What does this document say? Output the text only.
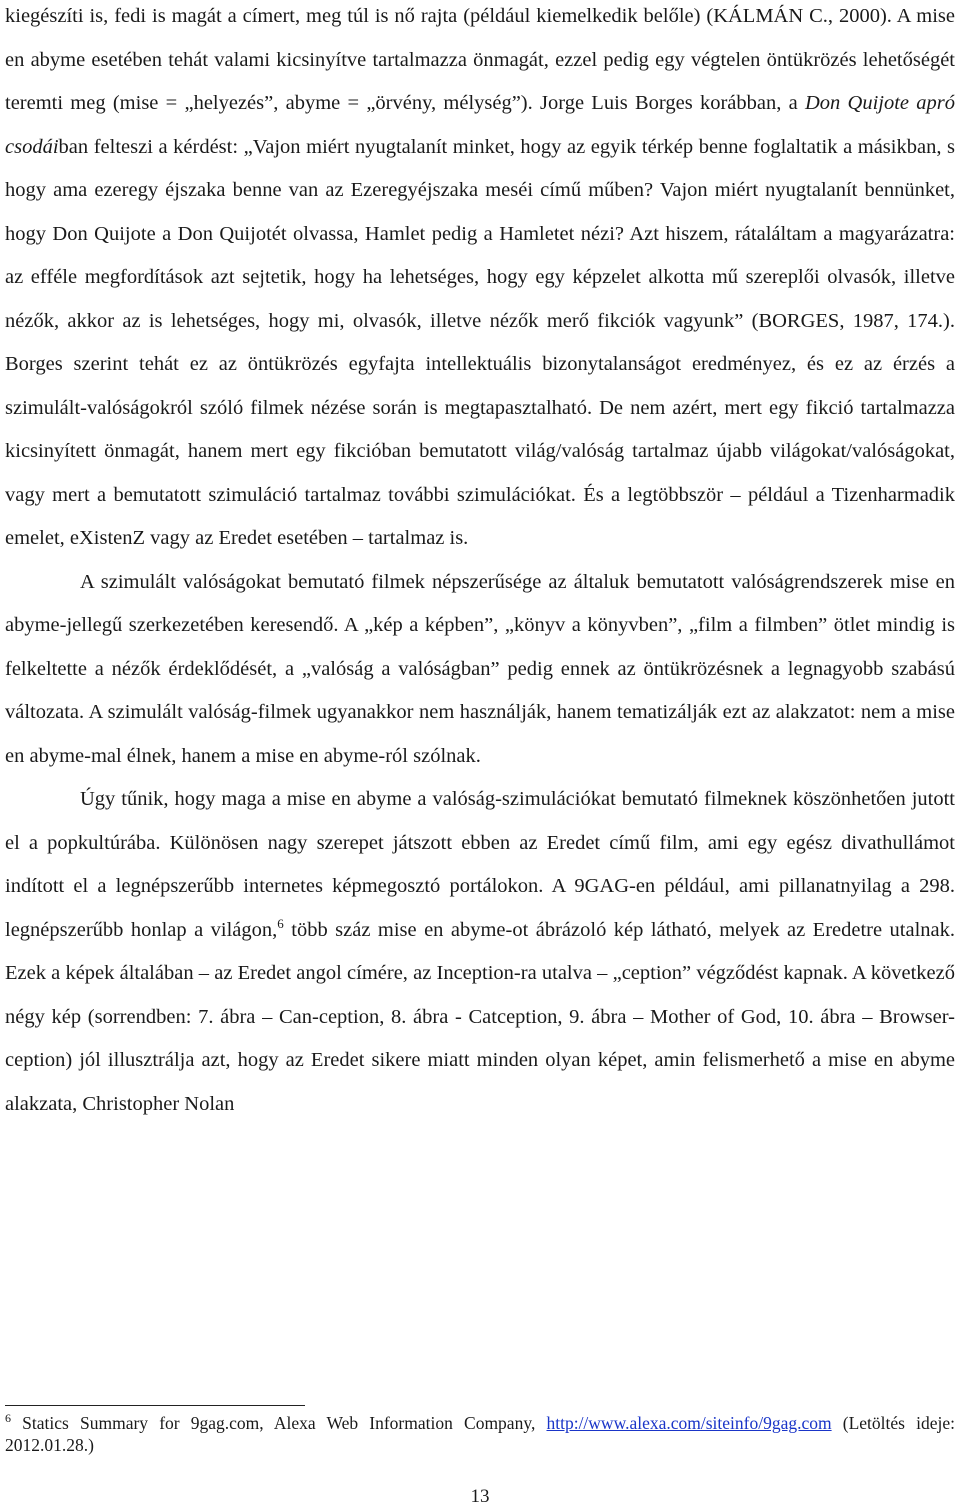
kiegészíti is, fedi is magát a címert, meg túl is nő rajta (például kiemelkedik belőle) (KÁLMÁN C., 2000). A mise en abyme esetében tehát valami kicsinyítve tartalmazza önmagát, ezzel pedig egy végtelen öntükrözés lehetőségét teremti meg (mise = „helyezés”, abyme = „örvény, mélység”). Jorge Luis Borges korábban, a Don Quijote apró csodáiban felteszi a kérdést: „Vajon miért nyugtalanít minket, hogy az egyik térkép benne foglaltatik a másikban, s hogy ama ezeregy éjszaka benne van az Ezeregyéjszaka meséi című műben? Vajon miért nyugtalanít bennünket, hogy Don Quijote a Don Quijotét olvassa, Hamlet pedig a Hamletet nézi? Azt hiszem, rátaláltam a magyarázatra: az efféle megfordítások azt sejtetik, hogy ha lehetséges, hogy egy képzelet alkotta mű szereplői olvasók, illetve nézők, akkor az is lehetséges, hogy mi, olvasók, illetve nézők merő fikciók vagyunk” (BORGES, 1987, 174.). Borges szerint tehát ez az öntükrözés egyfajta intellektuális bizonytalanságot eredményez, és ez az érzés a szimulált-valóságokról szóló filmek nézése során is megtapasztalható. De nem azért, mert egy fikció tartalmazza kicsinyített önmagát, hanem mert egy fikcióban bemutatott világ/valóság tartalmaz újabb világokat/valóságokat, vagy mert a bemutatott szimuláció tartalmaz további szimulációkat. És a legtöbbször – például a Tizenharmadik emelet, eXistenZ vagy az Eredet esetében – tartalmaz is.

A szimulált valóságokat bemutató filmek népszerűsége az általuk bemutatott valóságrendszerek mise en abyme-jellegű szerkezetében keresendő. A „kép a képben”, „könyv a könyvben”, „film a filmben” ötlet mindig is felkeltette a nézők érdeklődését, a „valóság a valóságban” pedig ennek az öntükrözésnek a legnagyobb szabású változata. A szimulált valóság-filmek ugyanakkor nem használják, hanem tematizálják ezt az alakzatot: nem a mise en abyme-mal élnek, hanem a mise en abyme-ról szólnak.

Úgy tűnik, hogy maga a mise en abyme a valóság-szimulációkat bemutató filmeknek köszönhetően jutott el a popkultúrába. Különösen nagy szerepet játszott ebben az Eredet című film, ami egy egész divathullámot indított el a legnépszerűbb internetes képmegosztó portálokon. A 9GAG-en például, ami pillanatnyilag a 298. legnépszerűbb honlap a világon,$^6$ több száz mise en abyme-ot ábrázoló kép látható, melyek az Eredetre utalnak. Ezek a képek általában – az Eredet angol címére, az Inception-ra utalva – „ception” végződést kapnak. A következő négy kép (sorrendben: 7. ábra – Can-ception, 8. ábra - Catception, 9. ábra – Mother of God, 10. ábra – Browser-ception) jól illusztrálja azt, hogy az Eredet sikere miatt minden olyan képet, amin felismerhető a mise en abyme alakzata, Christopher Nolan

$^6$ Statics Summary for 9gag.com, Alexa Web Information Company, http://www.alexa.com/siteinfo/9gag.com (Letöltés ideje: 2012.01.28.)
13
